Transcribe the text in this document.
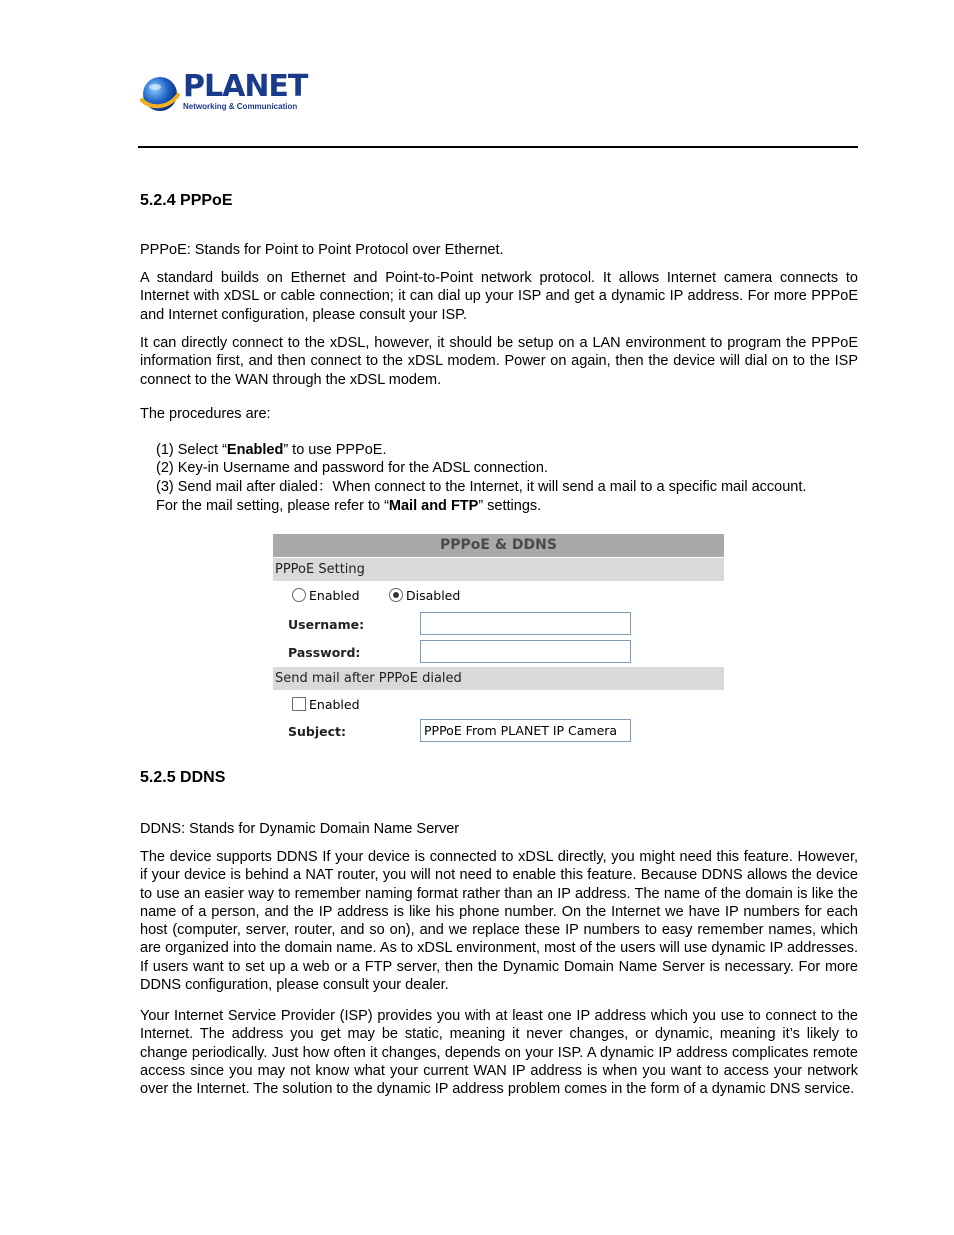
PLANET
Networking & Communication
5.2.4 PPPoE

PPPoE: Stands for Point to Point Protocol over Ethernet.

A standard builds on Ethernet and Point-to-Point network protocol. It allows Internet camera connects to Internet with xDSL or cable connection; it can dial up your ISP and get a dynamic IP address. For more PPPoE and Internet configuration, please consult your ISP.

It can directly connect to the xDSL, however, it should be setup on a LAN environment to program the PPPoE information first, and then connect to the xDSL modem. Power on again, then the device will dial on to the ISP connect to the WAN through the xDSL modem.

The procedures are:

(1) Select “Enabled” to use PPPoE.
(2) Key-in Username and password for the ADSL connection.
(3) Send mail after dialed：When connect to the Internet, it will send a mail to a specific mail account.
For the mail setting, please refer to “Mail and FTP” settings.
PPPoE & DDNS
PPPoE Setting
Enabled	Disabled
Username:
Password:
Send mail after PPPoE dialed
Enabled
Subject:	PPPoE From PLANET IP Camera
5.2.5 DDNS

DDNS: Stands for Dynamic Domain Name Server

The device supports DDNS If your device is connected to xDSL directly, you might need this feature. However, if your device is behind a NAT router, you will not need to enable this feature. Because DDNS allows the device to use an easier way to remember naming format rather than an IP address. The name of the domain is like the name of a person, and the IP address is like his phone number. On the Internet we have IP numbers for each host (computer, server, router, and so on), and we replace these IP numbers to easy remember names, which are organized into the domain name. As to xDSL environment, most of the users will use dynamic IP addresses. If users want to set up a web or a FTP server, then the Dynamic Domain Name Server is necessary. For more DDNS configuration, please consult your dealer.

Your Internet Service Provider (ISP) provides you with at least one IP address which you use to connect to the Internet. The address you get may be static, meaning it never changes, or dynamic, meaning it’s likely to change periodically. Just how often it changes, depends on your ISP. A dynamic IP address complicates remote access since you may not know what your current WAN IP address is when you want to access your network over the Internet. The solution to the dynamic IP address problem comes in the form of a dynamic DNS service.
